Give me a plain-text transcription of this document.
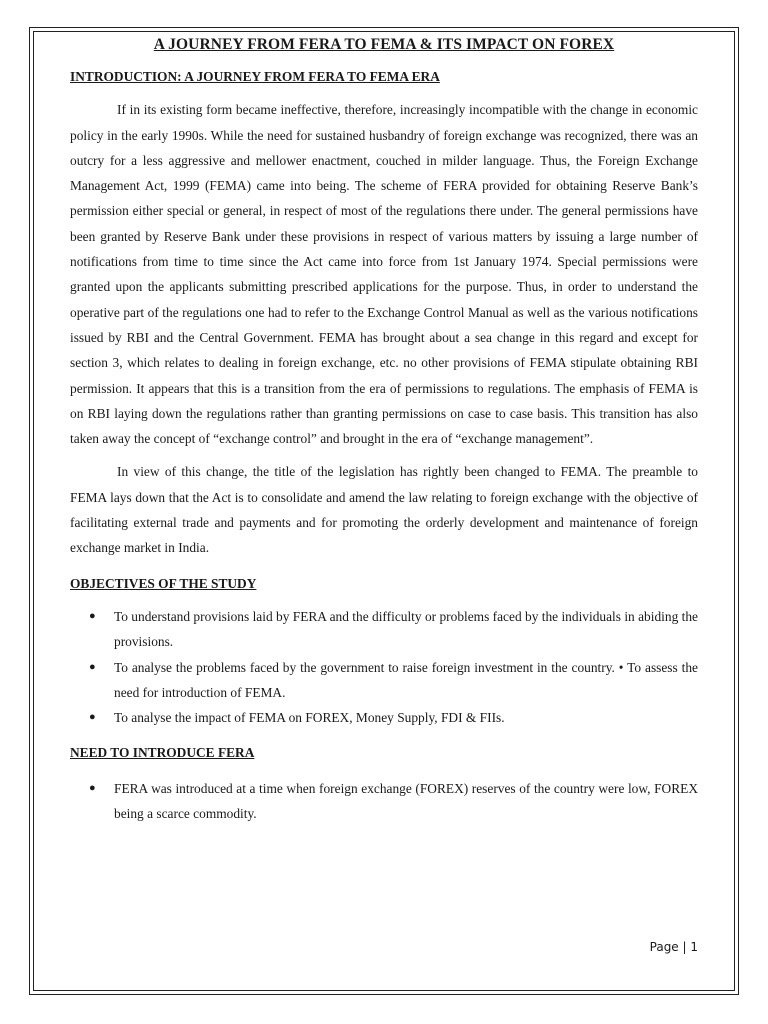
A JOURNEY FROM FERA TO FEMA & ITS IMPACT ON FOREX

INTRODUCTION: A JOURNEY FROM FERA TO FEMA ERA

If in its existing form became ineffective, therefore, increasingly incompatible with the change in economic policy in the early 1990s. While the need for sustained husbandry of foreign exchange was recognized, there was an outcry for a less aggressive and mellower enactment, couched in milder language. Thus, the Foreign Exchange Management Act, 1999 (FEMA) came into being. The scheme of FERA provided for obtaining Reserve Bank’s permission either special or general, in respect of most of the regulations there under. The general permissions have been granted by Reserve Bank under these provisions in respect of various matters by issuing a large number of notifications from time to time since the Act came into force from 1st January 1974. Special permissions were granted upon the applicants submitting prescribed applications for the purpose. Thus, in order to understand the operative part of the regulations one had to refer to the Exchange Control Manual as well as the various notifications issued by RBI and the Central Government. FEMA has brought about a sea change in this regard and except for section 3, which relates to dealing in foreign exchange, etc. no other provisions of FEMA stipulate obtaining RBI permission. It appears that this is a transition from the era of permissions to regulations. The emphasis of FEMA is on RBI laying down the regulations rather than granting permissions on case to case basis. This transition has also taken away the concept of “exchange control” and brought in the era of “exchange management”.

In view of this change, the title of the legislation has rightly been changed to FEMA. The preamble to FEMA lays down that the Act is to consolidate and amend the law relating to foreign exchange with the objective of facilitating external trade and payments and for promoting the orderly development and maintenance of foreign exchange market in India.

OBJECTIVES OF THE STUDY

● To understand provisions laid by FERA and the difficulty or problems faced by the individuals in abiding the provisions.
● To analyse the problems faced by the government to raise foreign investment in the country. • To assess the need for introduction of FEMA.
● To analyse the impact of FEMA on FOREX, Money Supply, FDI & FIIs.

NEED TO INTRODUCE FERA

● FERA was introduced at a time when foreign exchange (FOREX) reserves of the country were low, FOREX being a scarce commodity.
Page | 1
